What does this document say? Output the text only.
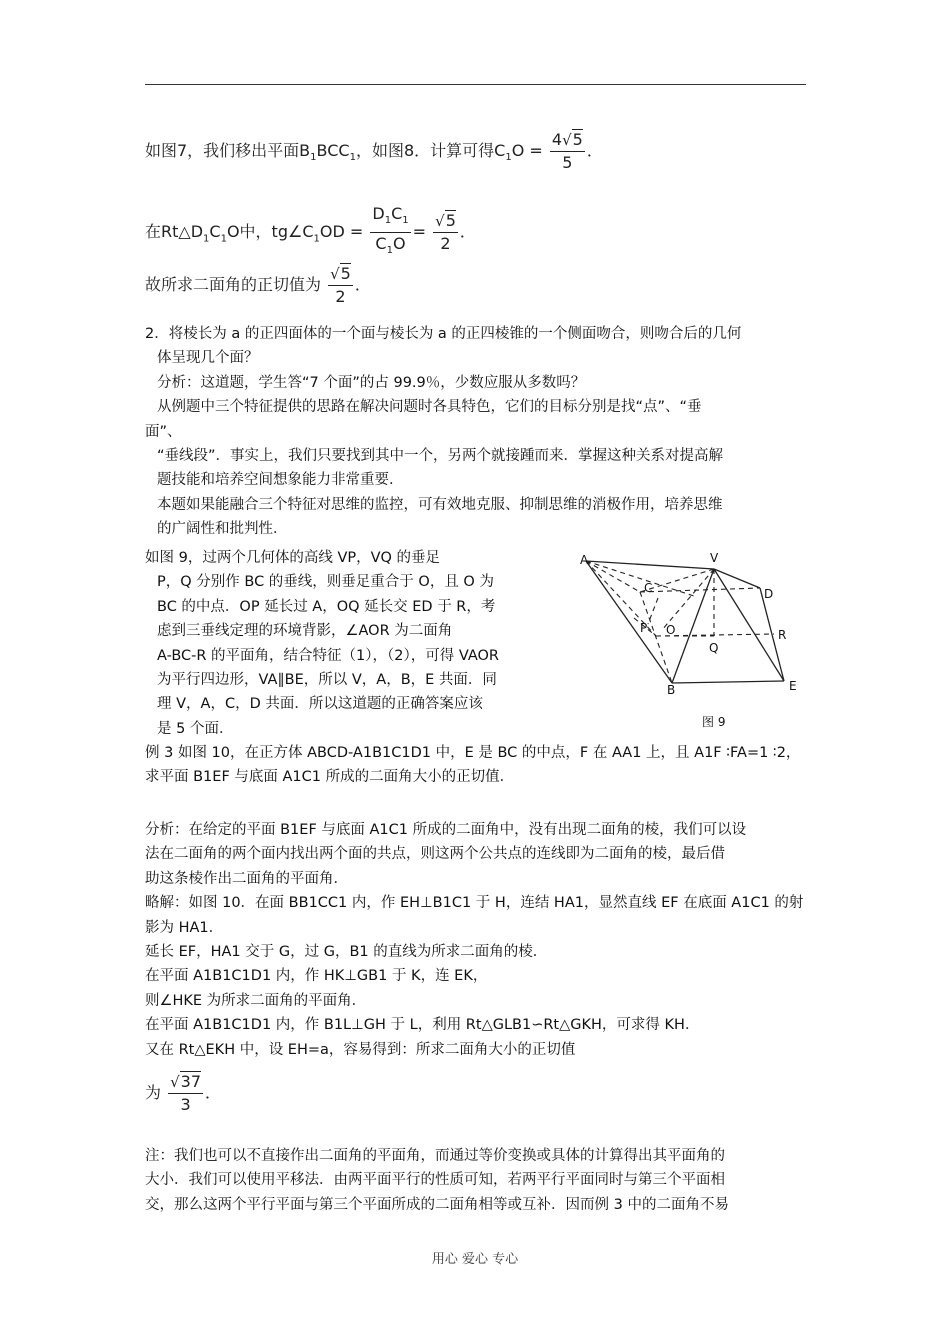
如图7，我们移出平面$B_1BCC_1$，如图8．计算可得$C_1O = \frac{4√5}{5}$ ．
在$Rt\triangle D_1C_1O$中，$tg\angle C_1OD = \frac{D_1C_1}{C_1O} = \frac{√5}{2}$ ．
故所求二面角的正切值为 $\frac{√5}{2}$ ．
2．将棱长为 a 的正四面体的一个面与棱长为 a 的正四棱锥的一个侧面吻合，则吻合后的几何
体呈现几个面？
分析：这道题，学生答“7 个面”的占 99.9％，少数应服从多数吗？
从例题中三个特征提供的思路在解决问题时各具特色，它们的目标分别是找“点”、“垂
面”、
“垂线段”．事实上，我们只要找到其中一个，另两个就接踵而来．掌握这种关系对提高解
题技能和培养空间想象能力非常重要．
本题如果能融合三个特征对思维的监控，可有效地克服、抑制思维的消极作用，培养思维
的广阔性和批判性．
如图 9，过两个几何体的高线 VP，VQ 的垂足
P，Q 分别作 BC 的垂线，则垂足重合于 O，且 O 为
BC 的中点．OP 延长过 A，OQ 延长交 ED 于 R，考
虑到三垂线定理的环境背影，∠AOR 为二面角
A-BC-R 的平面角，结合特征（1），（2），可得 VAOR
为平行四边形，VA∥BE，所以 V，A，B，E 共面．同
理 V，A，C，D 共面．所以这道题的正确答案应该
是 5 个面．
A	V
C	D
P O	R
Q
B	E
图 9
例 3 如图 10，在正方体 ABCD-A1B1C1D1 中，E 是 BC 的中点，F 在 AA1 上，且 A1F ∶FA=1 ∶2，
求平面 B1EF 与底面 A1C1 所成的二面角大小的正切值．
分析：在给定的平面 B1EF 与底面 A1C1 所成的二面角中，没有出现二面角的棱，我们可以设
法在二面角的两个面内找出两个面的共点，则这两个公共点的连线即为二面角的棱，最后借
助这条棱作出二面角的平面角．
略解：如图 10．在面 BB1CC1 内，作 EH⊥B1C1 于 H，连结 HA1，显然直线 EF 在底面 A1C1 的射
影为 HA1．
延长 EF，HA1 交于 G，过 G，B1 的直线为所求二面角的棱．
在平面 A1B1C1D1 内，作 HK⊥GB1 于 K，连 EK，
则∠HKE 为所求二面角的平面角．
在平面 A1B1C1D1 内，作 B1L⊥GH 于 L，利用 Rt△GLB1∽Rt△GKH，可求得 KH．
又在 Rt△EKH 中，设 EH=a，容易得到：所求二面角大小的正切值
为 $\frac{√37}{3}$ ．
注：我们也可以不直接作出二面角的平面角，而通过等价变换或具体的计算得出其平面角的
大小．我们可以使用平移法．由两平面平行的性质可知，若两平行平面同时与第三个平面相
交，那么这两个平行平面与第三个平面所成的二面角相等或互补．因而例 3 中的二面角不易
用心 爱心 专心
